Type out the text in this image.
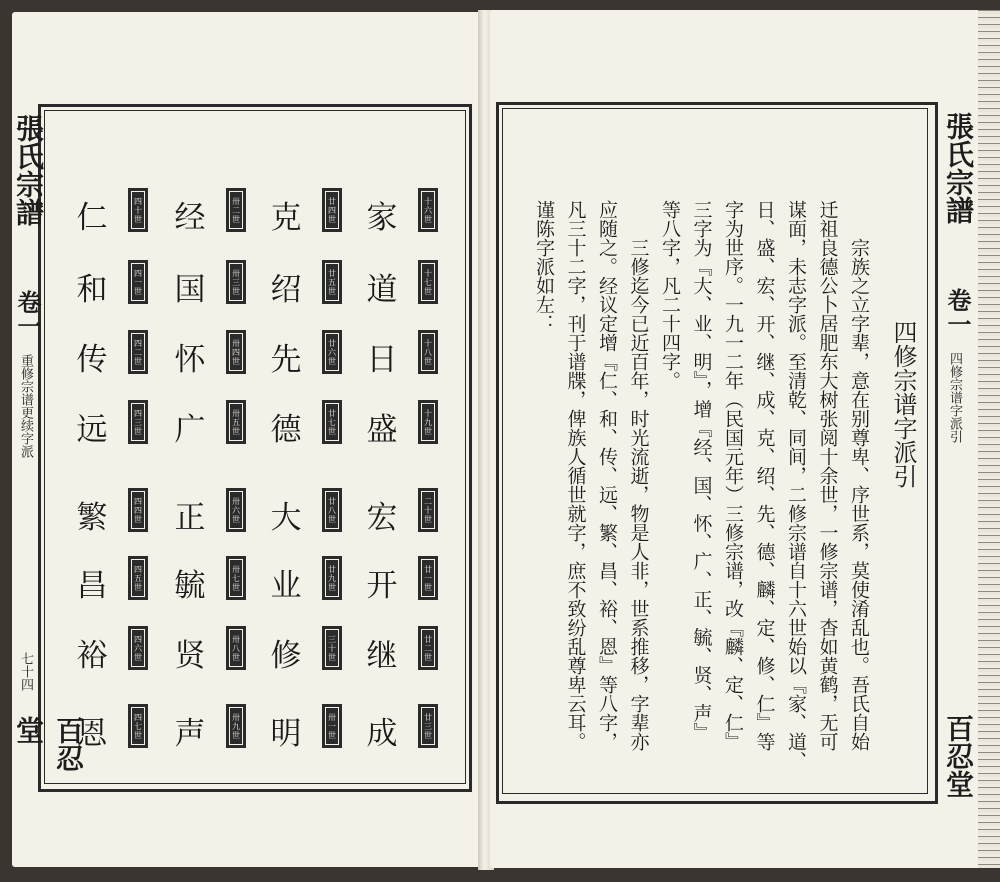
張氏宗譜
卷一
重修宗谱更续字派
七十四
百忍堂
家	十六世
道	十七世
日	十八世
盛	十九世
宏	二十世
开	廿一世
继	廿二世
成	廿三世
克	廿四世
绍	廿五世
先	廿六世
德	廿七世
大	廿八世
业	廿九世
修	三十世
明	卅一世
经	卅二世
国	卅三世
怀	卅四世
广	卅五世
正	卅六世
毓	卅七世
贤	卅八世
声	卅九世
仁	四十世
和	四一世
传	四二世
远	四三世
繁	四四世
昌	四五世
裕	四六世
恩	四七世
四修宗谱字派引
宗族之立字辈，意在别尊卑、序世系，莫使淆乱也。吾氏自始
迁祖良德公卜居肥东大树张阅十余世，一修宗谱，杳如黄鹤，无可
谋面，未志字派。至清乾、同间，二修宗谱自十六世始以『家、道、
日、盛、宏、开、继、成、克、绍、先、德、麟、定、修、仁』等
字为世序。一九一二年（民国元年）三修宗谱，改『麟、定、仁』
三字为『大、业、明』，增『经、国、怀、广、正、毓、贤、声』
等八字，凡二十四字。
三修迄今已近百年，时光流逝，物是人非，世系推移，字辈亦
应随之。经议定增『仁、和、传、远、繁、昌、裕、恩』等八字，
凡三十二字，刊于谱牒，俾族人循世就字，庶不致纷乱尊卑云耳。
谨陈字派如左：
張氏宗譜
卷一
四修宗谱字派引
百忍堂
